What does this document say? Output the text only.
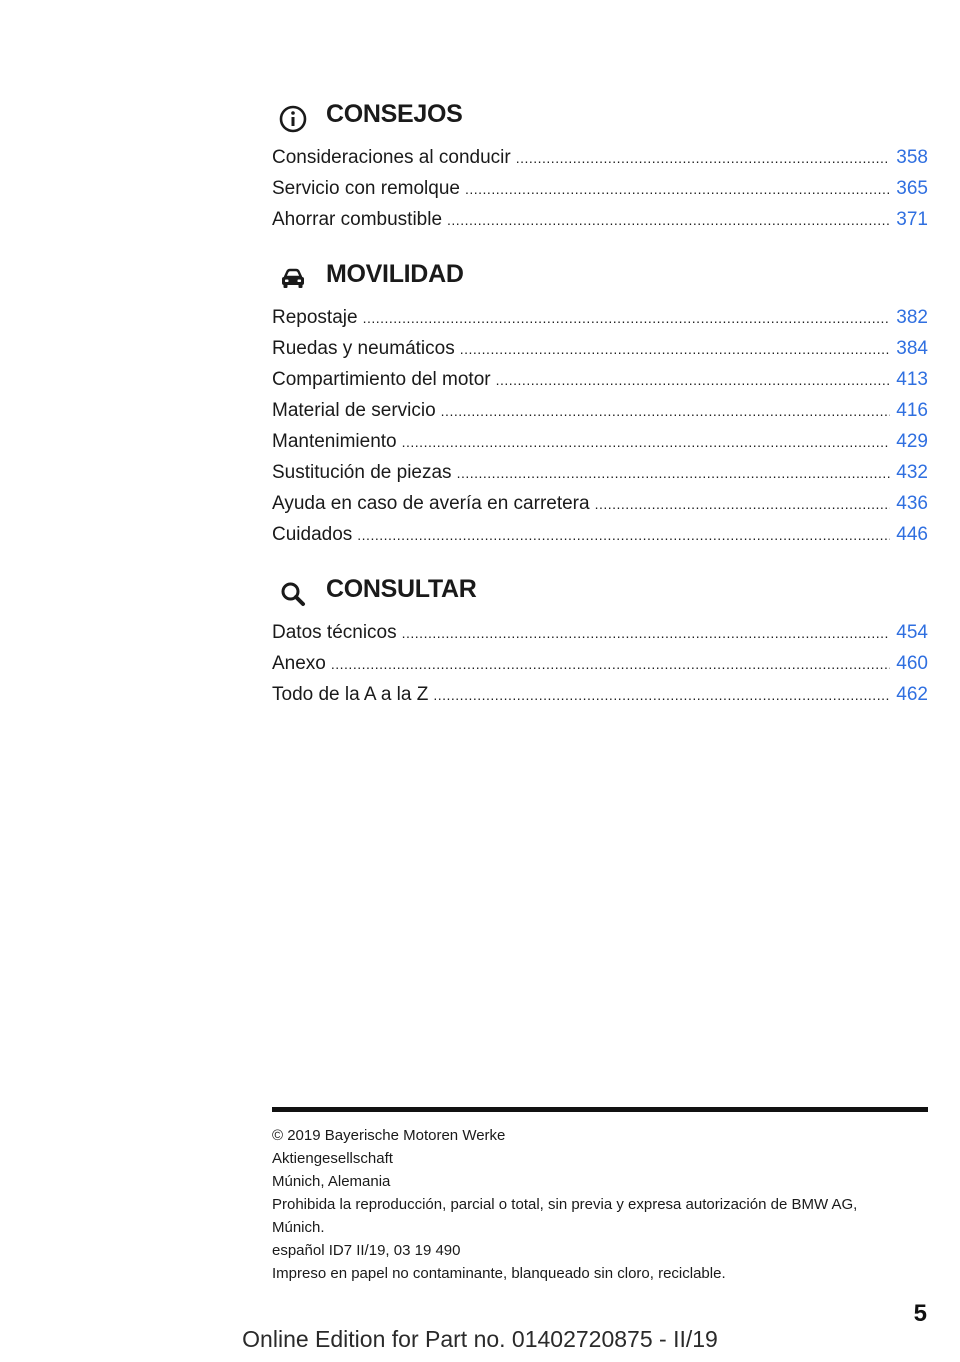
CONSEJOS
Consideraciones al conducir .....	358
Servicio con remolque .....	365
Ahorrar combustible .....	371
MOVILIDAD
Repostaje .....	382
Ruedas y neumáticos .....	384
Compartimiento del motor .....	413
Material de servicio .....	416
Mantenimiento .....	429
Sustitución de piezas .....	432
Ayuda en caso de avería en carretera .....	436
Cuidados .....	446
CONSULTAR
Datos técnicos .....	454
Anexo .....	460
Todo de la A a la Z .....	462
© 2019 Bayerische Motoren Werke
Aktiengesellschaft
Múnich, Alemania
Prohibida la reproducción, parcial o total, sin previa y expresa autorización de BMW AG, Múnich.
español ID7 II/19, 03 19 490
Impreso en papel no contaminante, blanqueado sin cloro, reciclable.
5
Online Edition for Part no. 01402720875 - II/19
